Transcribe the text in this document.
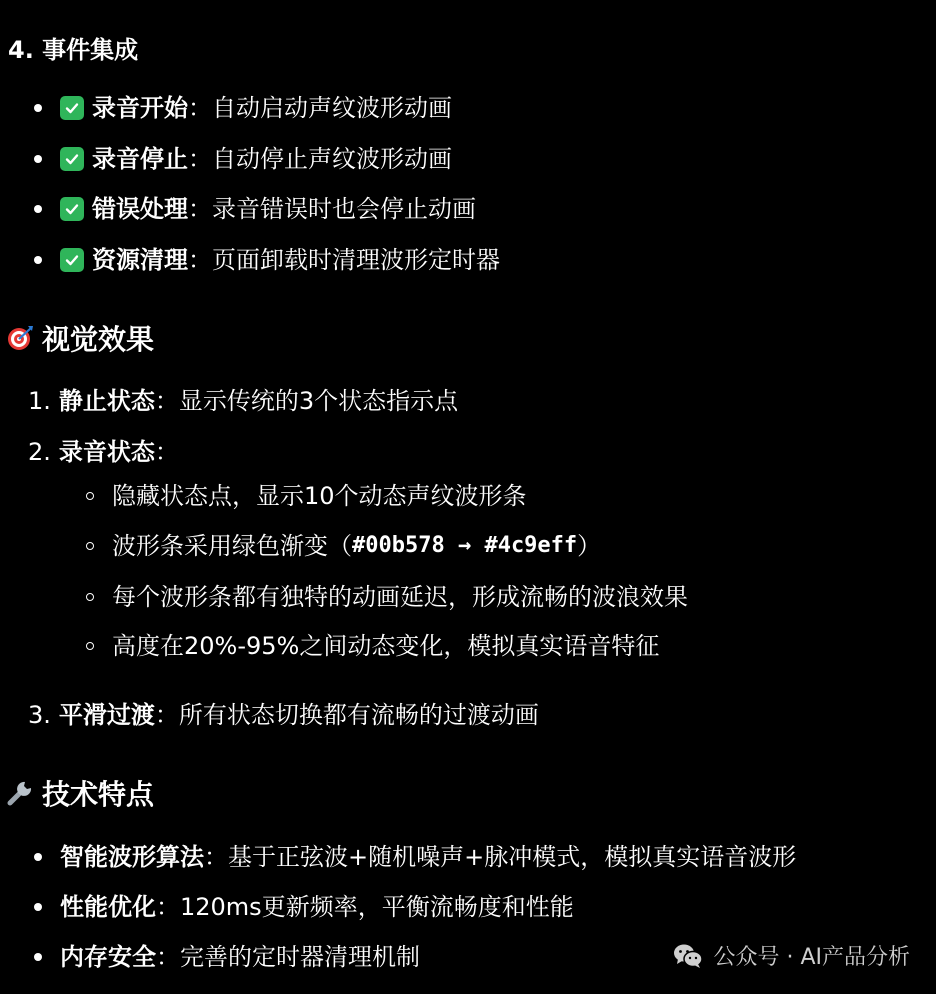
4. 事件集成
录音开始 ：自动启动声纹波形动画
录音停止 ：自动停止声纹波形动画
错误处理 ：录音错误时也会停止动画
资源清理 ：页面卸载时清理波形定时器
视觉效果
1. 静止状态 ：显示传统的3个状态指示点
2. 录音状态 ：
隐藏状态点，显示10个动态声纹波形条
波形条采用绿色渐变（ #00b578 → #4c9eff ）
每个波形条都有独特的动画延迟，形成流畅的波浪效果
高度在20%-95%之间动态变化，模拟真实语音特征
3. 平滑过渡 ：所有状态切换都有流畅的过渡动画
技术特点
智能波形算法 ：基于正弦波+随机噪声+脉冲模式，模拟真实语音波形
性能优化 ：120ms更新频率，平衡流畅度和性能
内存安全 ：完善的定时器清理机制	公众号 · AI产品分析
